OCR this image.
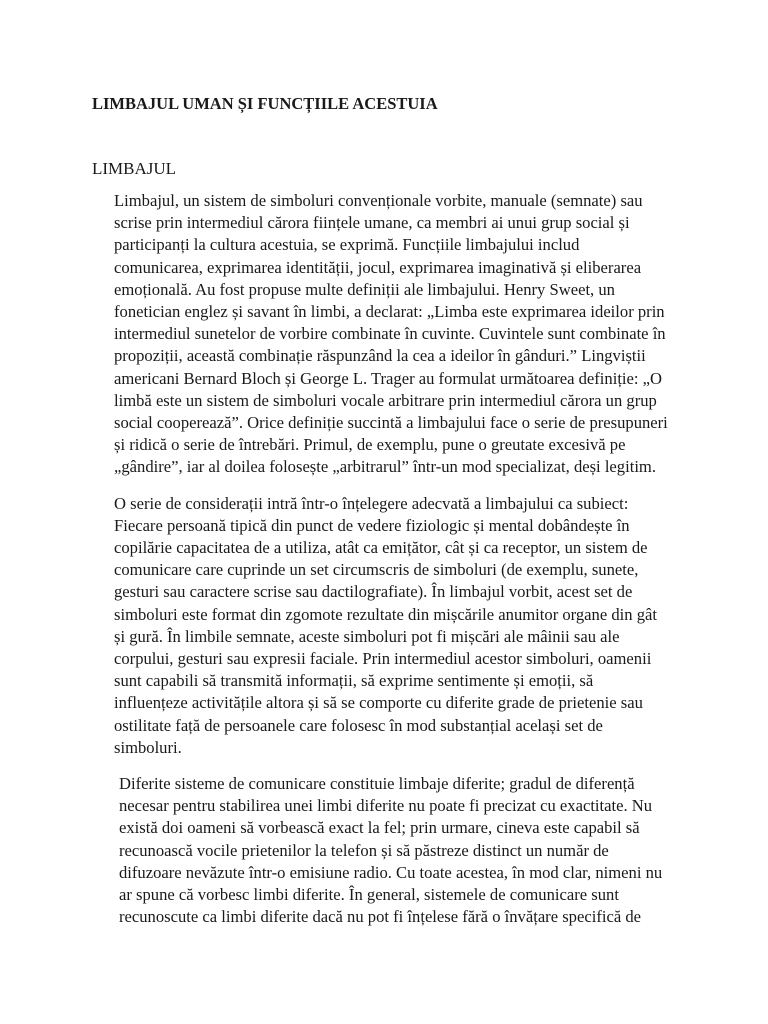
LIMBAJUL UMAN ȘI FUNCȚIILE ACESTUIA
LIMBAJUL

Limbajul, un sistem de simboluri convenționale vorbite, manuale (semnate) sau
scrise prin intermediul cărora ființele umane, ca membri ai unui grup social și
participanți la cultura acestuia, se exprimă. Funcțiile limbajului includ
comunicarea, exprimarea identității, jocul, exprimarea imaginativă și eliberarea
emoțională. Au fost propuse multe definiții ale limbajului. Henry Sweet, un
fonetician englez și savant în limbi, a declarat: „Limba este exprimarea ideilor prin
intermediul sunetelor de vorbire combinate în cuvinte. Cuvintele sunt combinate în
propoziții, această combinație răspunzând la cea a ideilor în gânduri.” Lingviștii
americani Bernard Bloch și George L. Trager au formulat următoarea definiție: „O
limbă este un sistem de simboluri vocale arbitrare prin intermediul cărora un grup
social cooperează”. Orice definiție succintă a limbajului face o serie de presupuneri
și ridică o serie de întrebări. Primul, de exemplu, pune o greutate excesivă pe
„gândire”, iar al doilea folosește „arbitrarul” într-un mod specializat, deși legitim.

O serie de considerații intră într-o înțelegere adecvată a limbajului ca subiect:
Fiecare persoană tipică din punct de vedere fiziologic și mental dobândește în
copilărie capacitatea de a utiliza, atât ca emițător, cât și ca receptor, un sistem de
comunicare care cuprinde un set circumscris de simboluri (de exemplu, sunete,
gesturi sau caractere scrise sau dactilografiate). În limbajul vorbit, acest set de
simboluri este format din zgomote rezultate din mișcările anumitor organe din gât
și gură. În limbile semnate, aceste simboluri pot fi mișcări ale mâinii sau ale
corpului, gesturi sau expresii faciale. Prin intermediul acestor simboluri, oamenii
sunt capabili să transmită informații, să exprime sentimente și emoții, să
influențeze activitățile altora și să se comporte cu diferite grade de prietenie sau
ostilitate față de persoanele care folosesc în mod substanțial același set de
simboluri.

Diferite sisteme de comunicare constituie limbaje diferite; gradul de diferență
necesar pentru stabilirea unei limbi diferite nu poate fi precizat cu exactitate. Nu
există doi oameni să vorbească exact la fel; prin urmare, cineva este capabil să
recunoască vocile prietenilor la telefon și să păstreze distinct un număr de
difuzoare nevăzute într-o emisiune radio. Cu toate acestea, în mod clar, nimeni nu
ar spune că vorbesc limbi diferite. În general, sistemele de comunicare sunt
recunoscute ca limbi diferite dacă nu pot fi înțelese fără o învățare specifică de
